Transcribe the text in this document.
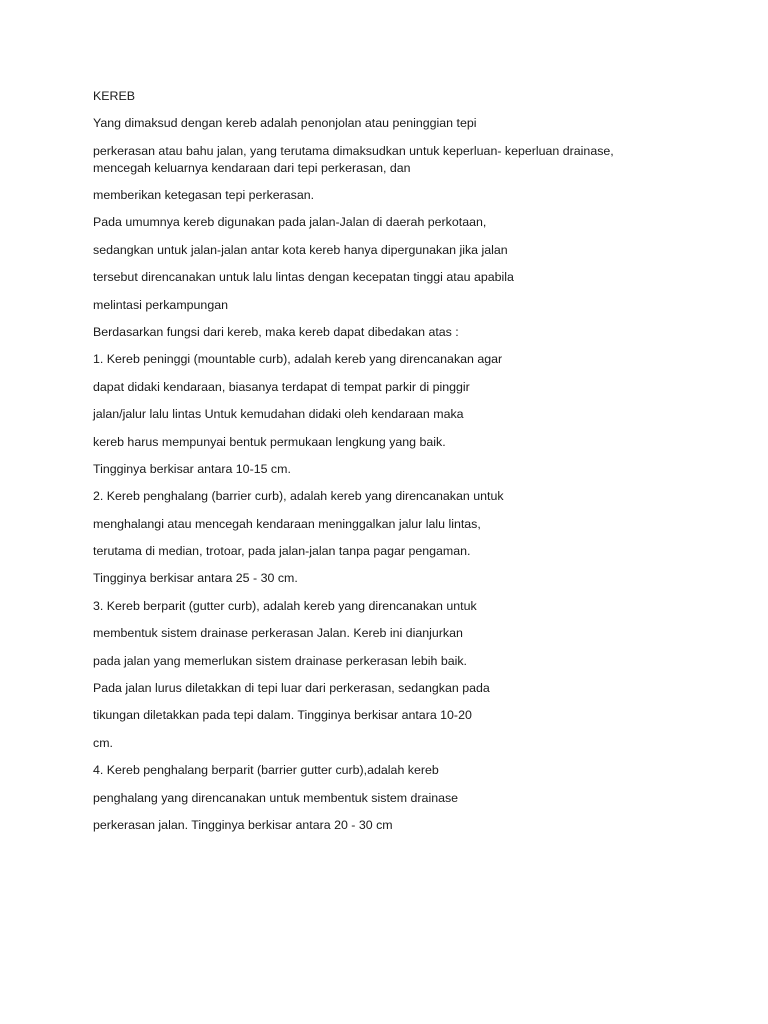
KEREB

Yang dimaksud dengan kereb adalah penonjolan atau peninggian tepi

perkerasan atau bahu jalan, yang terutama dimaksudkan untuk keperluan- keperluan drainase,

mencegah keluarnya kendaraan dari tepi perkerasan, dan

memberikan ketegasan tepi perkerasan.

Pada umumnya kereb digunakan pada jalan-Jalan di daerah perkotaan,

sedangkan untuk jalan-jalan antar kota kereb hanya dipergunakan jika jalan

tersebut direncanakan untuk lalu lintas dengan kecepatan tinggi atau apabila

melintasi perkampungan

Berdasarkan fungsi dari kereb, maka kereb dapat dibedakan atas :

1. Kereb peninggi (mountable curb), adalah kereb yang direncanakan agar

dapat didaki kendaraan, biasanya terdapat di tempat parkir di pinggir

jalan/jalur lalu lintas Untuk kemudahan didaki oleh kendaraan maka

kereb harus mempunyai bentuk permukaan lengkung yang baik.

Tingginya berkisar antara 10-15 cm.

2. Kereb penghalang (barrier curb), adalah kereb yang direncanakan untuk

menghalangi atau mencegah kendaraan meninggalkan jalur lalu lintas,

terutama di median, trotoar, pada jalan-jalan tanpa pagar pengaman.

Tingginya berkisar antara 25 - 30 cm.

3. Kereb berparit (gutter curb), adalah kereb yang direncanakan untuk

membentuk sistem drainase perkerasan Jalan. Kereb ini dianjurkan

pada jalan yang memerlukan sistem drainase perkerasan lebih baik.

Pada jalan lurus diletakkan di tepi luar dari perkerasan, sedangkan pada

tikungan diletakkan pada tepi dalam. Tingginya berkisar antara 10-20

cm.

4. Kereb penghalang berparit (barrier gutter curb),adalah kereb

penghalang yang direncanakan untuk membentuk sistem drainase

perkerasan jalan. Tingginya berkisar antara 20 - 30 cm
